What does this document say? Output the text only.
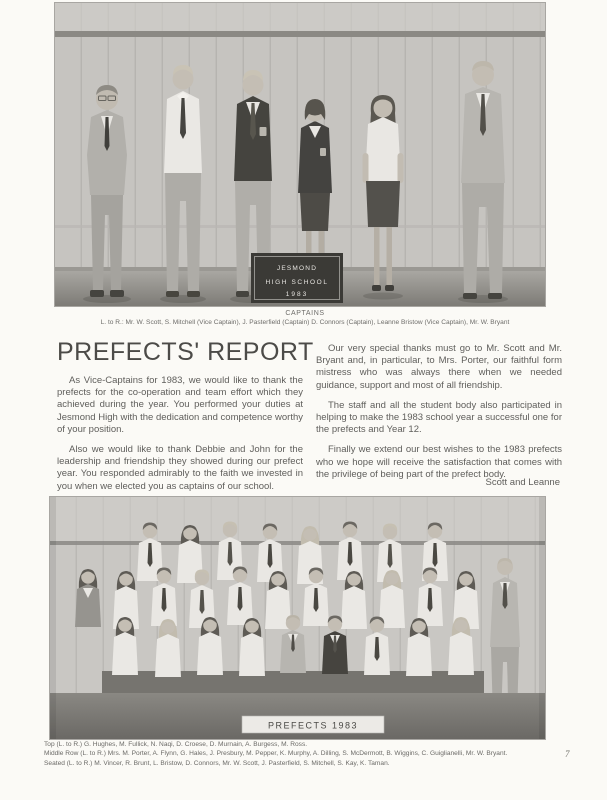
JESMOND
HIGH SCHOOL
1983
CAPTAINS
L. to R.: Mr. W. Scott, S. Mitchell (Vice Captain), J. Pasterfield (Captain) D. Connors (Captain), Leanne Bristow (Vice Captain), Mr. W. Bryant
PREFECTS' REPORT

As Vice-Captains for 1983, we would like to thank the prefects for the co-operation and team effort which they achieved during the year. You performed your duties at Jesmond High with the dedication and competence worthy of your position.

Also we would like to thank Debbie and John for the leadership and friendship they showed during our prefect year. You responded admirably to the faith we invested in you when we elected you as captains of our school.

Our very special thanks must go to Mr. Scott and Mr. Bryant and, in particular, to Mrs. Porter, our faithful form mistress who was always there when we needed guidance, support and most of all friendship.

The staff and all the student body also participated in helping to make the 1983 school year a successful one for the prefects and Year 12.

Finally we extend our best wishes to the 1983 prefects who we hope will receive the satisfaction that comes with the privilege of being part of the prefect body.

Scott and Leanne
PREFECTS 1983
Top (L. to R.) G. Hughes, M. Fullick, N. Naqi, D. Croese, D. Murnain, A. Burgess, M. Ross.
Middle Row (L. to R.) Mrs. M. Porter, A. Flynn, G. Hales, J. Presbury, M. Pepper, K. Murphy, A. Dilling, S. McDermott, B. Wiggins, C. Guiglianelli, Mr. W. Bryant.
Seated (L. to R.) M. Vincer, R. Brunt, L. Bristow, D. Connors, Mr. W. Scott, J. Pasterfield, S. Mitchell, S. Kay, K. Taman.
7
